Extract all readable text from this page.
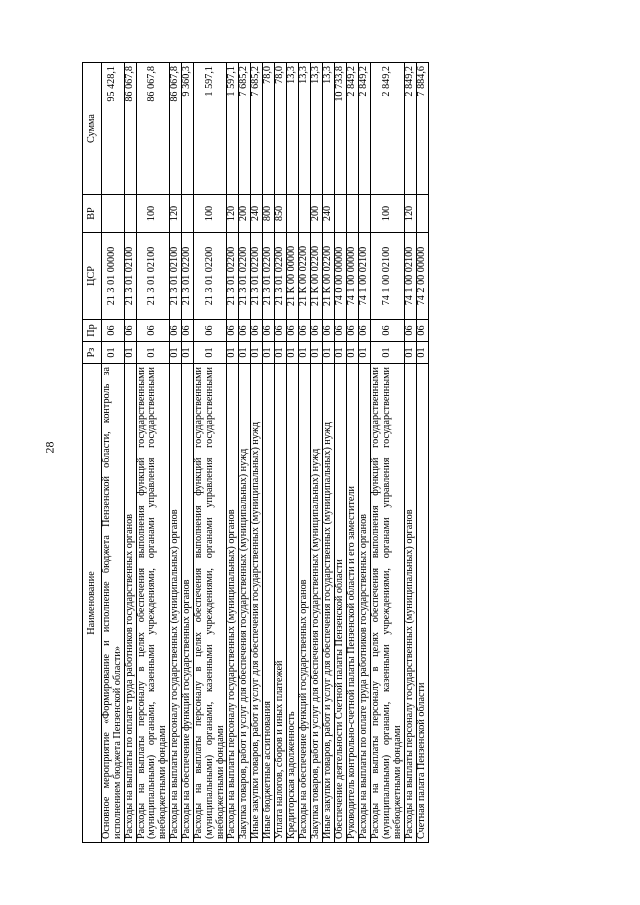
28
Наименование	Рз	Пр	ЦСР	ВР	Сумма
Основное мероприятие «Формирование и исполнение бюджета Пензенской области, контроль за исполнением бюджета Пензенской области»	01	06	21 3 01 00000		95 428,1
Расходы на выплаты по оплате труда работников государственных органов	01	06	21 3 01 02100		86 067,8
Расходы на выплаты персоналу в целях обеспечения выполнения функций государственными (муниципальными) органами, казенными учреждениями, органами управления государственными внебюджетными фондами	01	06	21 3 01 02100	100	86 067,8
Расходы на выплаты персоналу государственных (муниципальных) органов	01	06	21 3 01 02100	120	86 067,8
Расходы на обеспечение функций государственных органов	01	06	21 3 01 02200		9 360,3
Расходы на выплаты персоналу в целях обеспечения выполнения функций государственными (муниципальными) органами, казенными учреждениями, органами управления государственными внебюджетными фондами	01	06	21 3 01 02200	100	1 597,1
Расходы на выплаты персоналу государственных (муниципальных) органов	01	06	21 3 01 02200	120	1 597,1
Закупка товаров, работ и услуг для обеспечения государственных (муниципальных) нужд	01	06	21 3 01 02200	200	7 685,2
Иные закупки товаров, работ и услуг для обеспечения государственных (муниципальных) нужд	01	06	21 3 01 02200	240	7 685,2
Иные бюджетные ассигнования	01	06	21 3 01 02200	800	78,0
Уплата налогов, сборов и иных платежей	01	06	21 3 01 02200	850	78,0
Кредиторская задолженность	01	06	21 К 00 00000		13,3
Расходы на обеспечение функций государственных органов	01	06	21 К 00 02200		13,3
Закупка товаров, работ и услуг для обеспечения государственных (муниципальных) нужд	01	06	21 К 00 02200	200	13,3
Иные закупки товаров, работ и услуг для обеспечения государственных (муниципальных) нужд	01	06	21 К 00 02200	240	13,3
Обеспечение деятельности Счетной палаты Пензенской области	01	06	74 0 00 00000		10 733,8
Руководитель контрольно-счетной палаты Пензенской области и его заместители	01	06	74 1 00 00000		2 849,2
Расходы на выплаты по оплате труда работников государственных органов	01	06	74 1 00 02100		2 849,2
Расходы на выплаты персоналу в целях обеспечения выполнения функций государственными (муниципальными) органами, казенными учреждениями, органами управления государственными внебюджетными фондами	01	06	74 1 00 02100	100	2 849,2
Расходы на выплаты персоналу государственных (муниципальных) органов	01	06	74 1 00 02100	120	2 849,2
Счетная палата Пензенской области	01	06	74 2 00 00000		7 884,6
